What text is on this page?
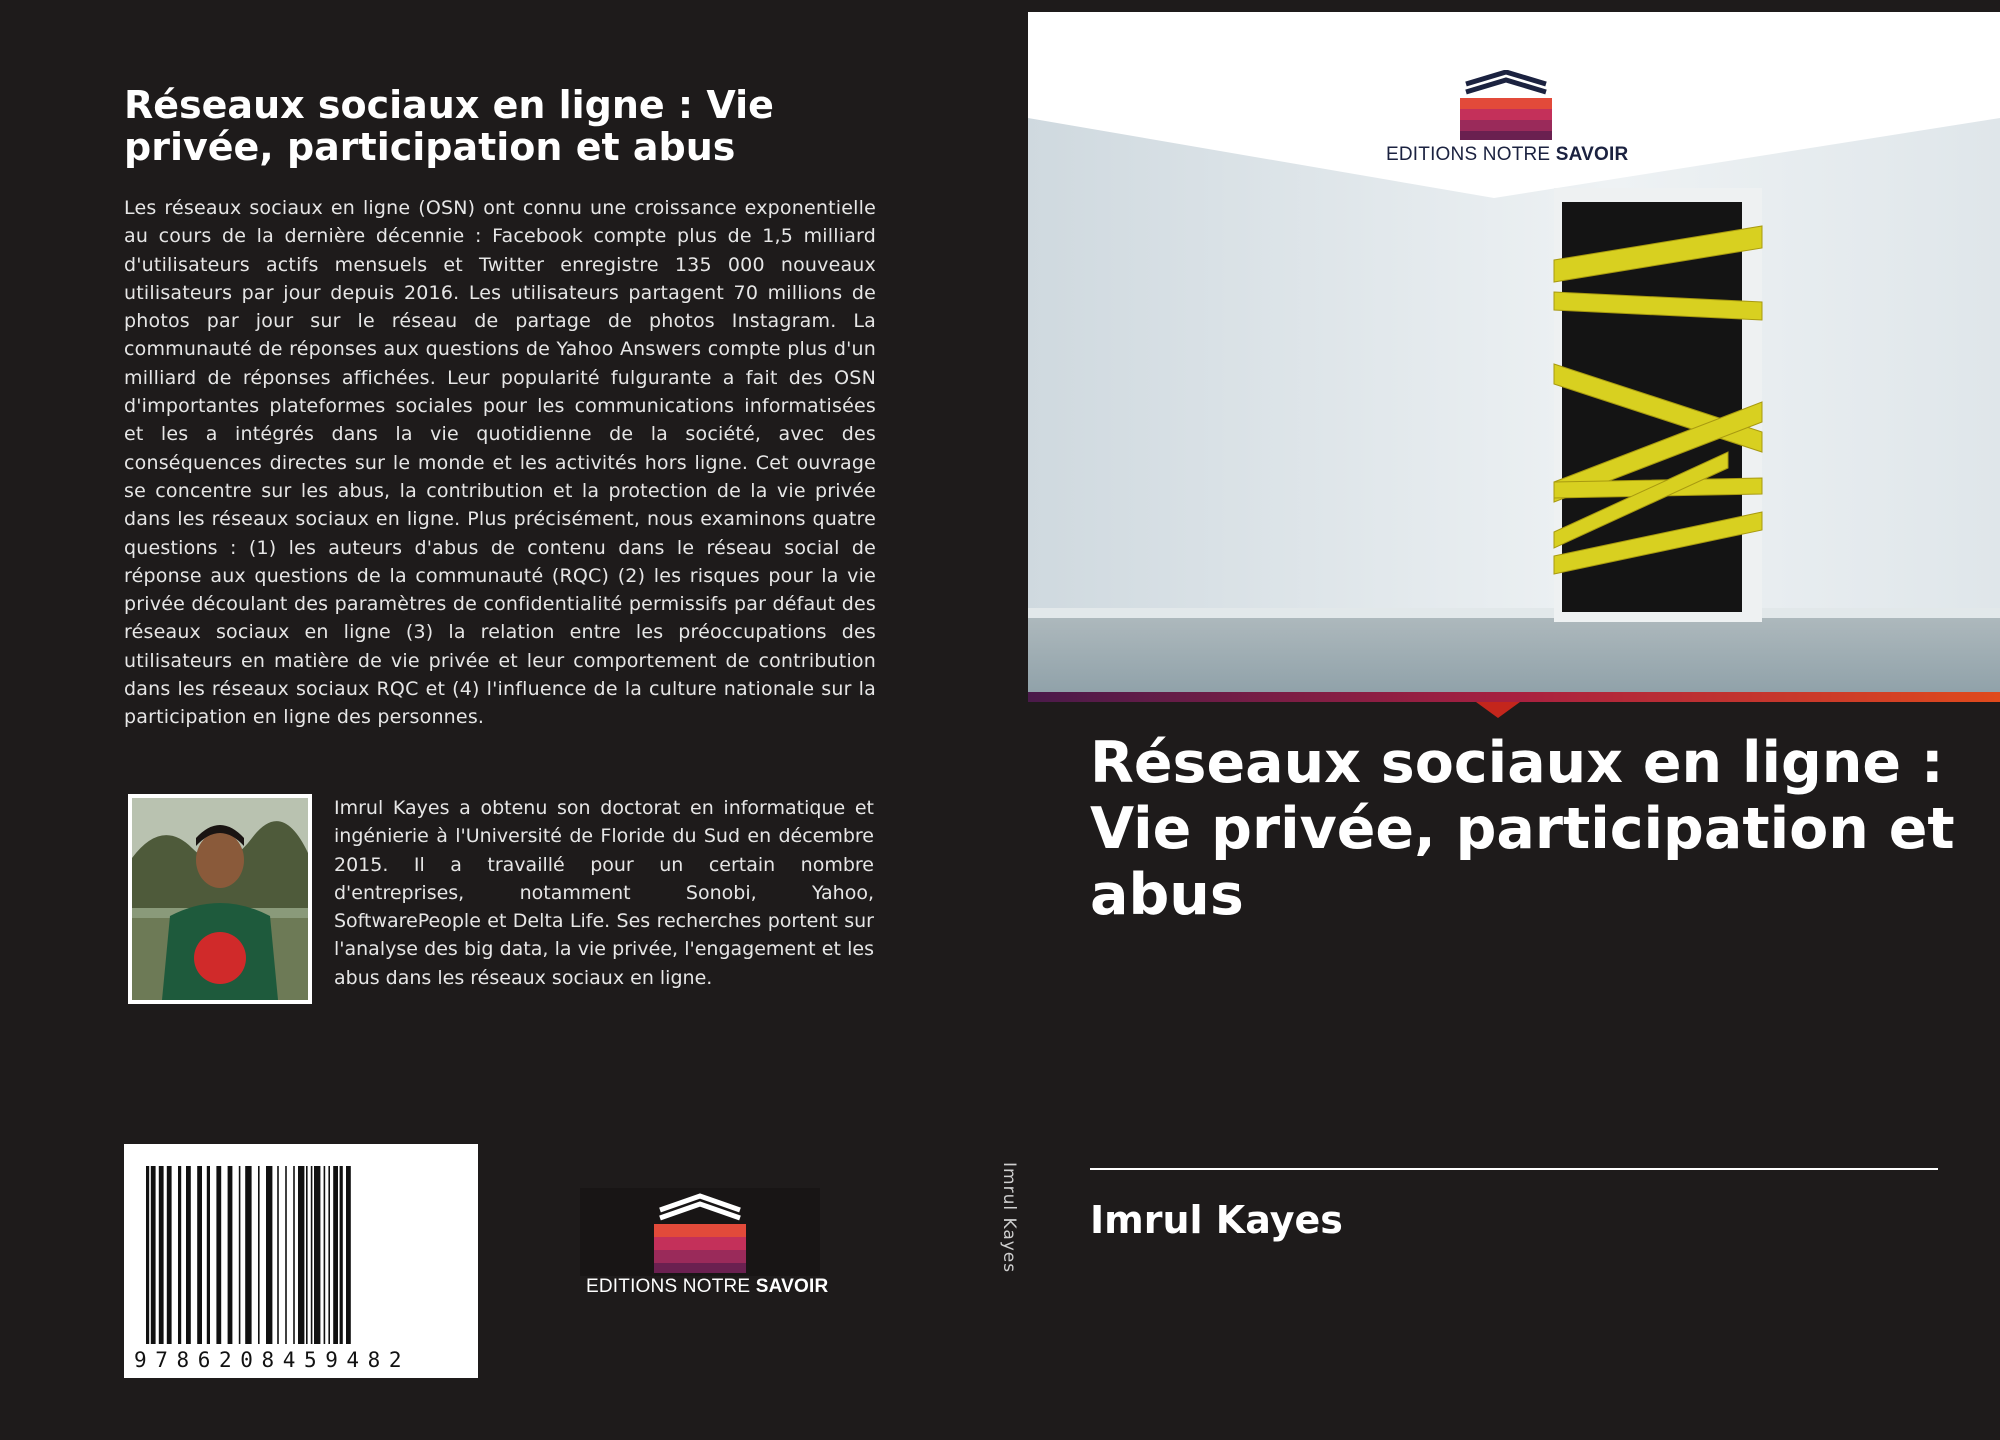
Réseaux sociaux en ligne : Vie privée, participation et abus

Les réseaux sociaux en ligne (OSN) ont connu une croissance exponentielle au cours de la dernière décennie : Facebook compte plus de 1,5 milliard d'utilisateurs actifs mensuels et Twitter enregistre 135 000 nouveaux utilisateurs par jour depuis 2016. Les utilisateurs partagent 70 millions de photos par jour sur le réseau de partage de photos Instagram. La communauté de réponses aux questions de Yahoo Answers compte plus d'un milliard de réponses affichées. Leur popularité fulgurante a fait des OSN d'importantes plateformes sociales pour les communications informatisées et les a intégrés dans la vie quotidienne de la société, avec des conséquences directes sur le monde et les activités hors ligne. Cet ouvrage se concentre sur les abus, la contribution et la protection de la vie privée dans les réseaux sociaux en ligne. Plus précisément, nous examinons quatre questions : (1) les auteurs d'abus de contenu dans le réseau social de réponse aux questions de la communauté (RQC) (2) les risques pour la vie privée découlant des paramètres de confidentialité permissifs par défaut des réseaux sociaux en ligne (3) la relation entre les préoccupations des utilisateurs en matière de vie privée et leur comportement de contribution dans les réseaux sociaux RQC et (4) l'influence de la culture nationale sur la participation en ligne des personnes.

Imrul Kayes a obtenu son doctorat en informatique et ingénierie à l'Université de Floride du Sud en décembre 2015. Il a travaillé pour un certain nombre d'entreprises, notamment Sonobi, Yahoo, SoftwarePeople et Delta Life. Ses recherches portent sur l'analyse des big data, la vie privée, l'engagement et les abus dans les réseaux sociaux en ligne.

9786208459482
EDITIONS NOTRE SAVOIR
Imrul Kayes
EDITIONS NOTRE SAVOIR
Réseaux sociaux en ligne : Vie privée, participation et abus
Imrul Kayes
